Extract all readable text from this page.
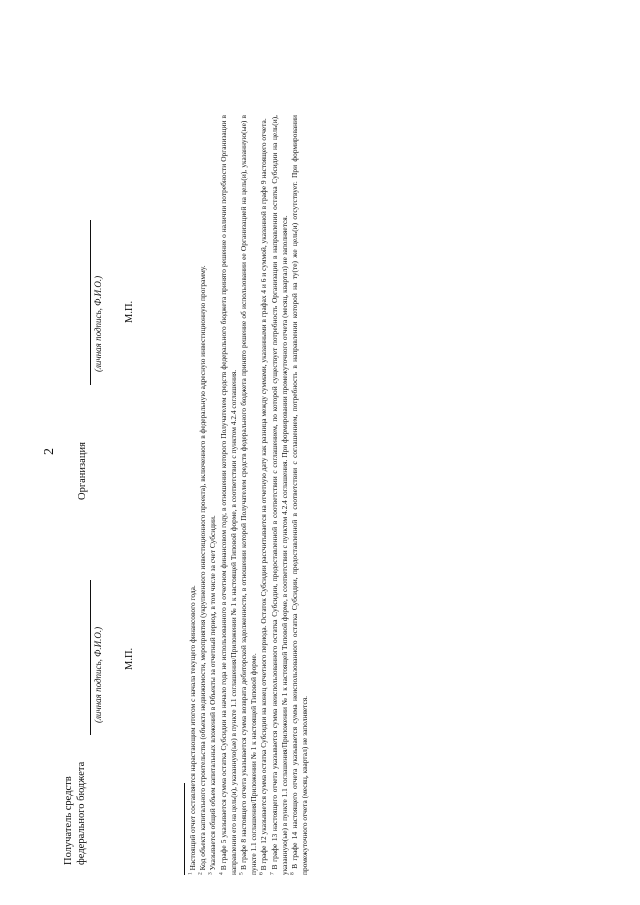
2
Получатель средств федерального бюджета
(личная подпись, Ф.И.О.) М.П.
Организация
(личная подпись, Ф.И.О.) М.П.

$^1$ Настоящий отчет составляется нарастающим итогом с начала текущего финансового года.

$^2$ Код объекта капитального строительства (объекта недвижимости, мероприятия (укрупненного инвестиционного проекта), включенного в федеральную адресную инвестиционную программу.

$^3$ Указывается общий объем капитальных вложений в Объекты за отчетный период, в том числе за счет Субсидии.

$^4$ В графе 5 указывается сумма остатка Субсидии на начало года не использованного в отчетном финансовом году, в отношении которого Получателем средств федерального бюджета принято решение о наличии потребности Организации в направлении его на цель(и), указанную(ые) в пункте 1.1 соглашения/Приложении № 1 к настоящей Типовой форме, в соответствии с пунктом 4.2.4 соглашения. $^5$ В графе 8 настоящего отчета указывается сумма возврата дебиторской задолженности, в отношении которой Получателем средств федерального бюджета принято решение об использовании ее Организацией на цель(и), указанную(ые) в пункте 1.1 соглашения/Приложении № 1 к настоящей Типовой форме. $^6$ В графе 12 указывается сумма остатка Субсидии на конец отчетного периода. Остаток Субсидии рассчитывается на отчетную дату как разница между суммами, указанными в графах 4 и 6 и суммой, указанной в графе 9 настоящего отчета.

$^7$ В графе 13 настоящего отчета указывается сумма неиспользованного остатка Субсидии, предоставленной в соответствии с соглашением, по которой существует потребность Организации в направлении остатка Субсидии на цель(и), указанную(ые) в пункте 1.1 соглашения/Приложении № 1 к настоящей Типовой форме, в соответствии с пунктом 4.2.4 соглашения. При формировании промежуточного отчета (месяц, квартал) не заполняется. $^8$ В графе 14 настоящего отчета указывается сумма неиспользованного остатка Субсидии, предоставленной в соответствии с соглашением, потребность в направлении которой на ту(те) же цель(и) отсутствует. При формировании промежуточного отчета (месяц, квартал) не заполняется.
